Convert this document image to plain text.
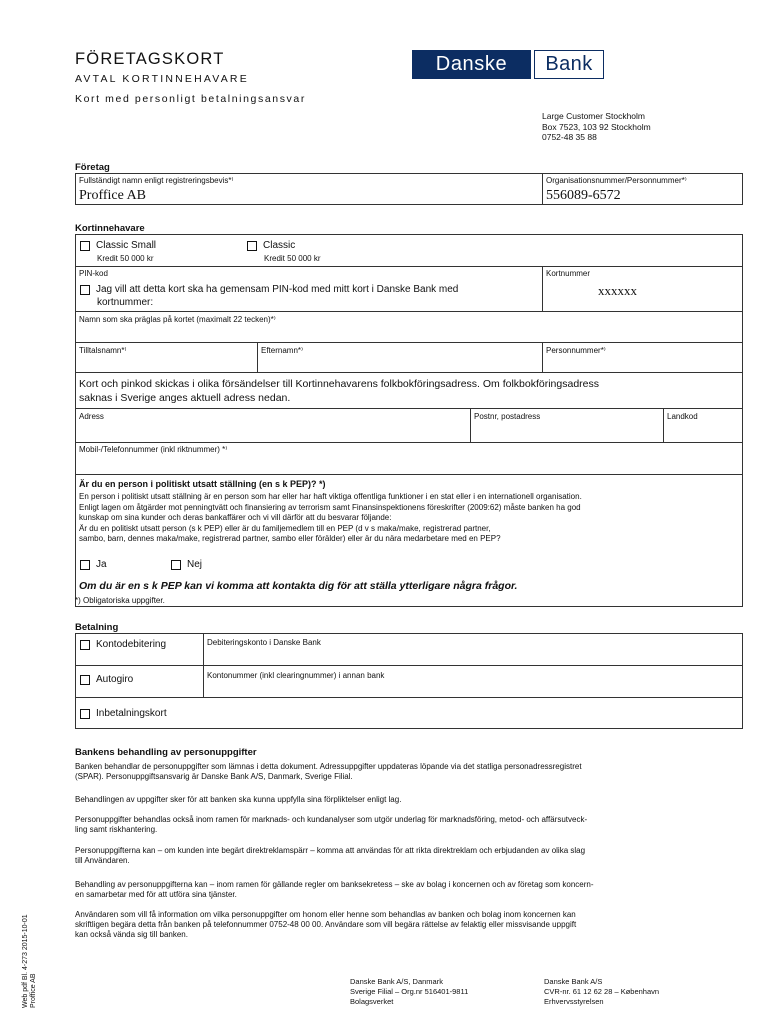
FÖRETAGSKORT
AVTAL KORTINNEHAVARE
Kort med personligt betalningsansvar
Danske	Bank
Large Customer Stockholm
Box 7523, 103 92 Stockholm
0752-48 35 88
Företag
Fullständigt namn enligt registreringsbevis*⁾
Proffice AB
Organisationsnummer/Personnummer*⁾
556089-6572
Kortinnehavare
Classic Small
Kredit 50 000 kr
Classic
Kredit 50 000 kr
PIN-kod	Kortnummer
Jag vill att detta kort ska ha gemensam PIN-kod med mitt kort i Danske Bank med
kortnummer:
xxxxxx
Namn som ska präglas på kortet (maximalt 22 tecken)*⁾
Tilltalsnamn*⁾	Efternamn*⁾	Personnummer*⁾
Kort och pinkod skickas i olika försändelser till Kortinnehavarens folkbokföringsadress. Om folkbokföringsadress
saknas i Sverige anges aktuell adress nedan.
Adress	Postnr, postadress	Landkod
Mobil-/Telefonnummer (inkl riktnummer) *⁾
Är du en person i politiskt utsatt ställning (en s k PEP)? *)
En person i politiskt utsatt ställning är en person som har eller har haft viktiga offentliga funktioner i en stat eller i en internationell organisation.
Enligt lagen om åtgärder mot penningtvätt och finansiering av terrorism samt Finansinspektionens föreskrifter (2009:62) måste banken ha god
kunskap om sina kunder och deras bankaffärer och vi vill därför att du besvarar följande:
Är du en politiskt utsatt person (s k PEP) eller är du familjemedlem till en PEP (d v s maka/make, registrerad partner,
sambo, barn, dennes maka/make, registrerad partner, sambo eller förälder) eller är du nära medarbetare med en PEP?
Ja	Nej
Om du är en s k PEP kan vi komma att kontakta dig för att ställa ytterligare några frågor.
*) Obligatoriska uppgifter.
Betalning
Kontodebitering	Debiteringskonto i Danske Bank
Autogiro	Kontonummer (inkl clearingnummer) i annan bank
Inbetalningskort
Bankens behandling av personuppgifter
Banken behandlar de personuppgifter som lämnas i detta dokument. Adressuppgifter uppdateras löpande via det statliga personadressregistret
(SPAR). Personuppgiftsansvarig är Danske Bank A/S, Danmark, Sverige Filial.
Behandlingen av uppgifter sker för att banken ska kunna uppfylla sina förpliktelser enligt lag.
Personuppgifter behandlas också inom ramen för marknads- och kundanalyser som utgör underlag för marknadsföring, metod- och affärsutveck-
ling samt riskhantering.
Personuppgifterna kan – om kunden inte begärt direktreklamspärr – komma att användas för att rikta direktreklam och erbjudanden av olika slag
till Användaren.
Behandling av personuppgifterna kan – inom ramen för gällande regler om banksekretess – ske av bolag i koncernen och av företag som koncern-
en samarbetar med för att utföra sina tjänster.
Användaren som vill få information om vilka personuppgifter om honom eller henne som behandlas av banken och bolag inom koncernen kan
skriftligen begära detta från banken på telefonnummer 0752-48 00 00. Användare som vill begära rättelse av felaktig eller missvisande uppgift
kan också vända sig till banken.
Web pdf Bl. 4-273 2015-10-01 Proffice AB	Danske Bank A/S, Danmark
Sverige Filial – Org.nr 516401-9811
Bolagsverket
Danske Bank A/S
CVR-nr. 61 12 62 28 – København
Erhvervsstyrelsen
